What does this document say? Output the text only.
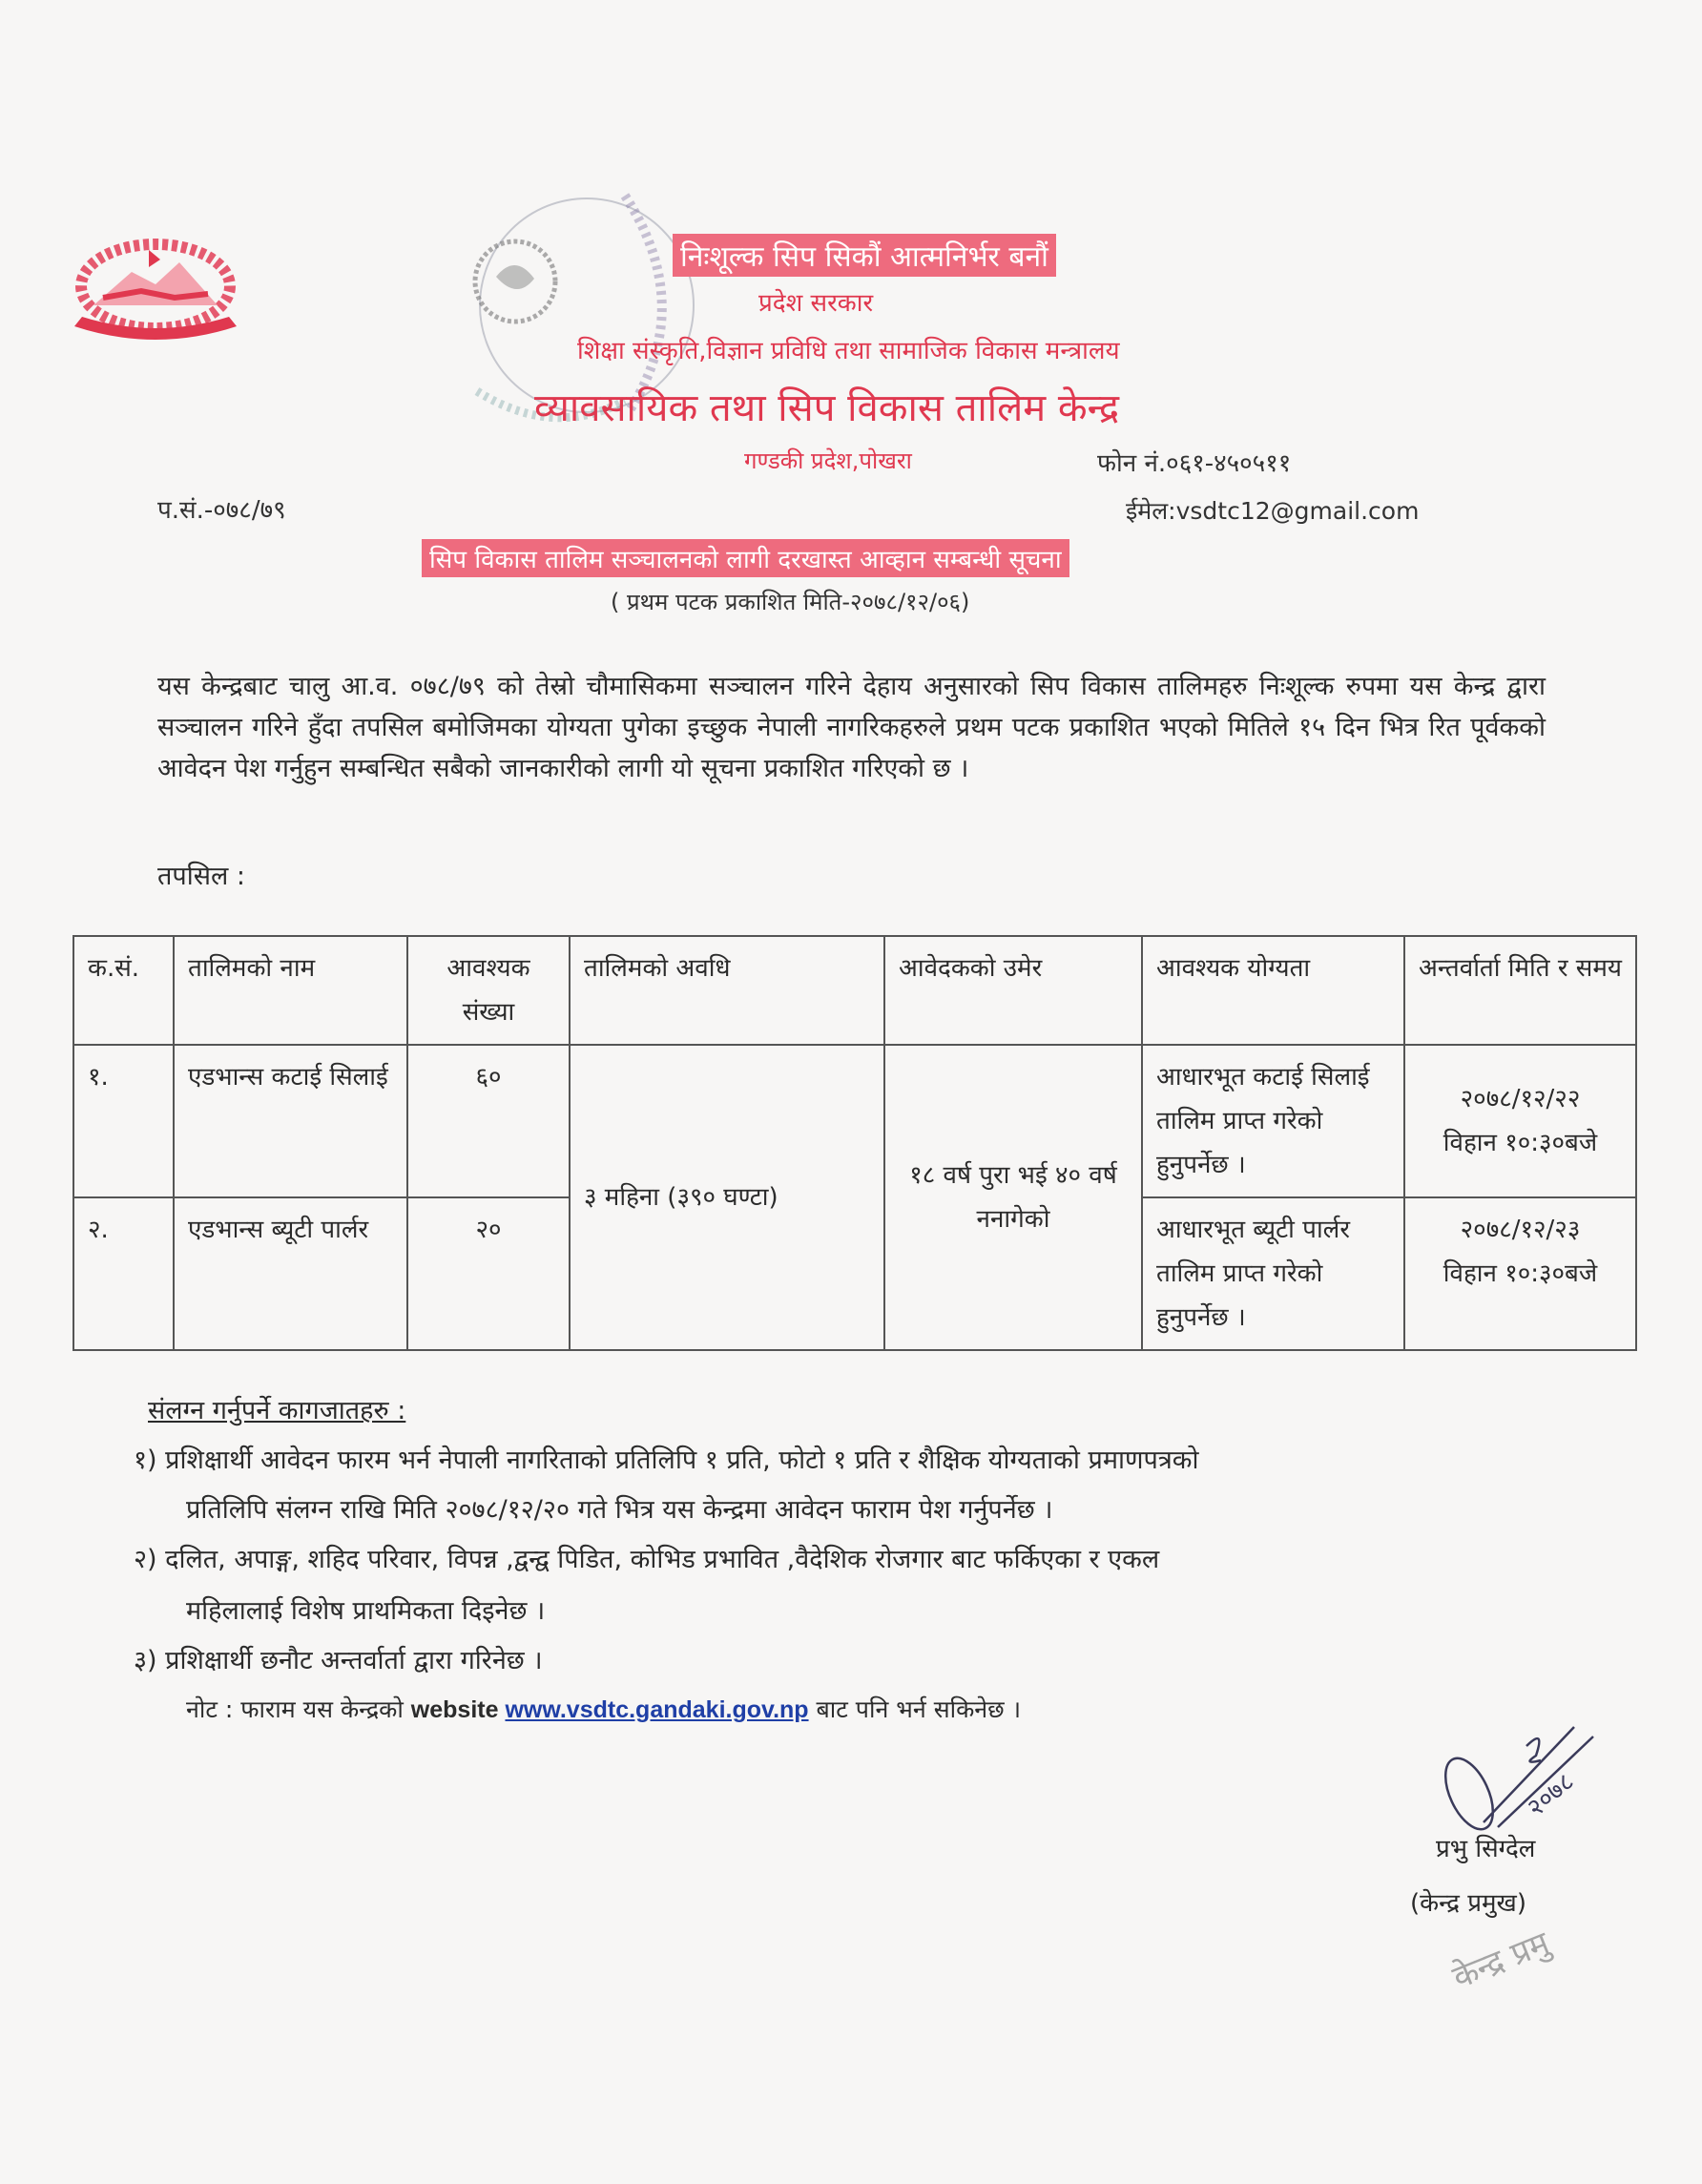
निःशूल्क सिप सिकौं आत्मनिर्भर बनौं
प्रदेश सरकार
शिक्षा संस्कृति,विज्ञान प्रविधि तथा सामाजिक विकास मन्त्रालय
व्यावसायिक तथा सिप विकास तालिम केन्द्र
गण्डकी प्रदेश,पोखरा	फोन नं.०६१-४५०५११
प.सं.-०७८/७९	ईमेल:vsdtc12@gmail.com
सिप विकास तालिम सञ्चालनको लागी दरखास्त आव्हान सम्बन्धी सूचना
( प्रथम पटक प्रकाशित मिति-२०७८/१२/०६)
यस केन्द्रबाट चालु आ.व. ०७८/७९ को तेस्रो चौमासिकमा सञ्चालन गरिने देहाय अनुसारको सिप विकास तालिमहरु निःशूल्क रुपमा यस केन्द्र द्वारा सञ्चालन गरिने हुँदा तपसिल बमोजिमका योग्यता पुगेका इच्छुक नेपाली नागरिकहरुले प्रथम पटक प्रकाशित भएको मितिले १५ दिन भित्र रित पूर्वकको आवेदन पेश गर्नुहुन सम्बन्धित सबैको जानकारीको लागी यो सूचना प्रकाशित गरिएको छ ।
तपसिल :
क.सं.	तालिमको नाम	आवश्यक संख्या	तालिमको अवधि	आवेदकको उमेर	आवश्यक योग्यता	अन्तर्वार्ता मिति र समय
१.	एडभान्स कटाई सिलाई	६०	३ महिना (३९० घण्टा)	१८ वर्ष पुरा भई ४० वर्ष ननागेको	आधारभूत कटाई सिलाई तालिम प्राप्त गरेको हुनुपर्नेछ ।	२०७८/१२/२२
विहान १०:३०बजे

२.	एडभान्स ब्यूटी पार्लर	२०			आधारभूत ब्यूटी पार्लर तालिम प्राप्त गरेको हुनुपर्नेछ ।	२०७८/१२/२३
विहान १०:३०बजे
संलग्न गर्नुपर्ने कागजातहरु :
१) प्रशिक्षार्थी आवेदन फारम भर्न नेपाली नागरिताको प्रतिलिपि १ प्रति, फोटो १ प्रति र शैक्षिक योग्यताको प्रमाणपत्रको
प्रतिलिपि संलग्न राखि मिति २०७८/१२/२० गते भित्र यस केन्द्रमा आवेदन फाराम पेश गर्नुपर्नेछ ।
२) दलित, अपाङ्ग, शहिद परिवार, विपन्न ,द्वन्द्व पिडित, कोभिड प्रभावित ,वैदेशिक रोजगार बाट फर्किएका र एकल
महिलालाई विशेष प्राथमिकता दिइनेछ ।
३) प्रशिक्षार्थी छनौट अन्तर्वार्ता द्वारा गरिनेछ ।
नोट : फाराम यस केन्द्रको website www.vsdtc.gandaki.gov.np बाट पनि भर्न सकिनेछ ।
२०७८
प्रभु सिग्देल
(केन्द्र प्रमुख)
केन्द्र प्रमु
